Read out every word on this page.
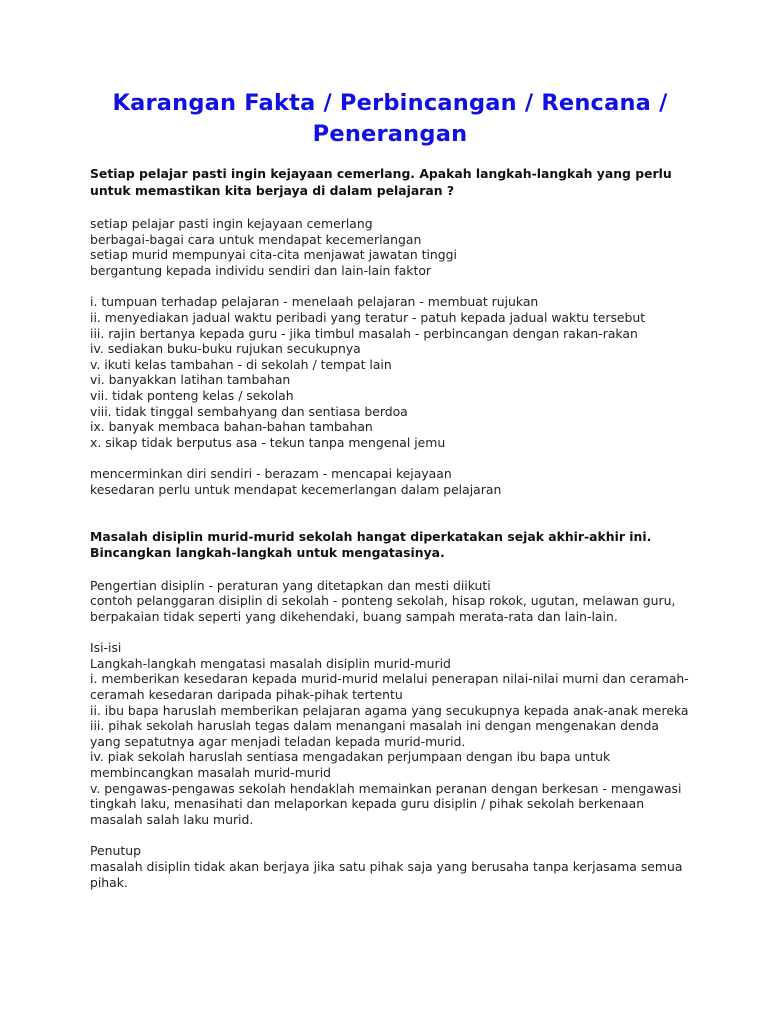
Karangan Fakta / Perbincangan / Rencana /
Penerangan

Setiap pelajar pasti ingin kejayaan cemerlang. Apakah langkah-langkah yang perlu untuk memastikan kita berjaya di dalam pelajaran ?

setiap pelajar pasti ingin kejayaan cemerlang
berbagai-bagai cara untuk mendapat kecemerlangan
setiap murid mempunyai cita-cita menjawat jawatan tinggi
bergantung kepada individu sendiri dan lain-lain faktor
i. tumpuan terhadap pelajaran - menelaah pelajaran - membuat rujukan
ii. menyediakan jadual waktu peribadi yang teratur - patuh kepada jadual waktu tersebut
iii. rajin bertanya kepada guru - jika timbul masalah - perbincangan dengan rakan-rakan
iv. sediakan buku-buku rujukan secukupnya
v. ikuti kelas tambahan - di sekolah / tempat lain
vi. banyakkan latihan tambahan
vii. tidak ponteng kelas / sekolah
viii. tidak tinggal sembahyang dan sentiasa berdoa
ix. banyak membaca bahan-bahan tambahan
x. sikap tidak berputus asa - tekun tanpa mengenal jemu
mencerminkan diri sendiri - berazam - mencapai kejayaan
kesedaran perlu untuk mendapat kecemerlangan dalam pelajaran

Masalah disiplin murid-murid sekolah hangat diperkatakan sejak akhir-akhir ini. Bincangkan langkah-langkah untuk mengatasinya.

Pengertian disiplin - peraturan yang ditetapkan dan mesti diikuti
contoh pelanggaran disiplin di sekolah - ponteng sekolah, hisap rokok, ugutan, melawan guru, berpakaian tidak seperti yang dikehendaki, buang sampah merata-rata dan lain-lain.
Isi-isi
Langkah-langkah mengatasi masalah disiplin murid-murid
i. memberikan kesedaran kepada murid-murid melalui penerapan nilai-nilai murni dan ceramah-ceramah kesedaran daripada pihak-pihak tertentu
ii. ibu bapa haruslah memberikan pelajaran agama yang secukupnya kepada anak-anak mereka
iii. pihak sekolah haruslah tegas dalam menangani masalah ini dengan mengenakan denda yang sepatutnya agar menjadi teladan kepada murid-murid.
iv. piak sekolah haruslah sentiasa mengadakan perjumpaan dengan ibu bapa untuk membincangkan masalah murid-murid
v. pengawas-pengawas sekolah hendaklah memainkan peranan dengan berkesan - mengawasi tingkah laku, menasihati dan melaporkan kepada guru disiplin / pihak sekolah berkenaan masalah salah laku murid.
Penutup
masalah disiplin tidak akan berjaya jika satu pihak saja yang berusaha tanpa kerjasama semua pihak.
